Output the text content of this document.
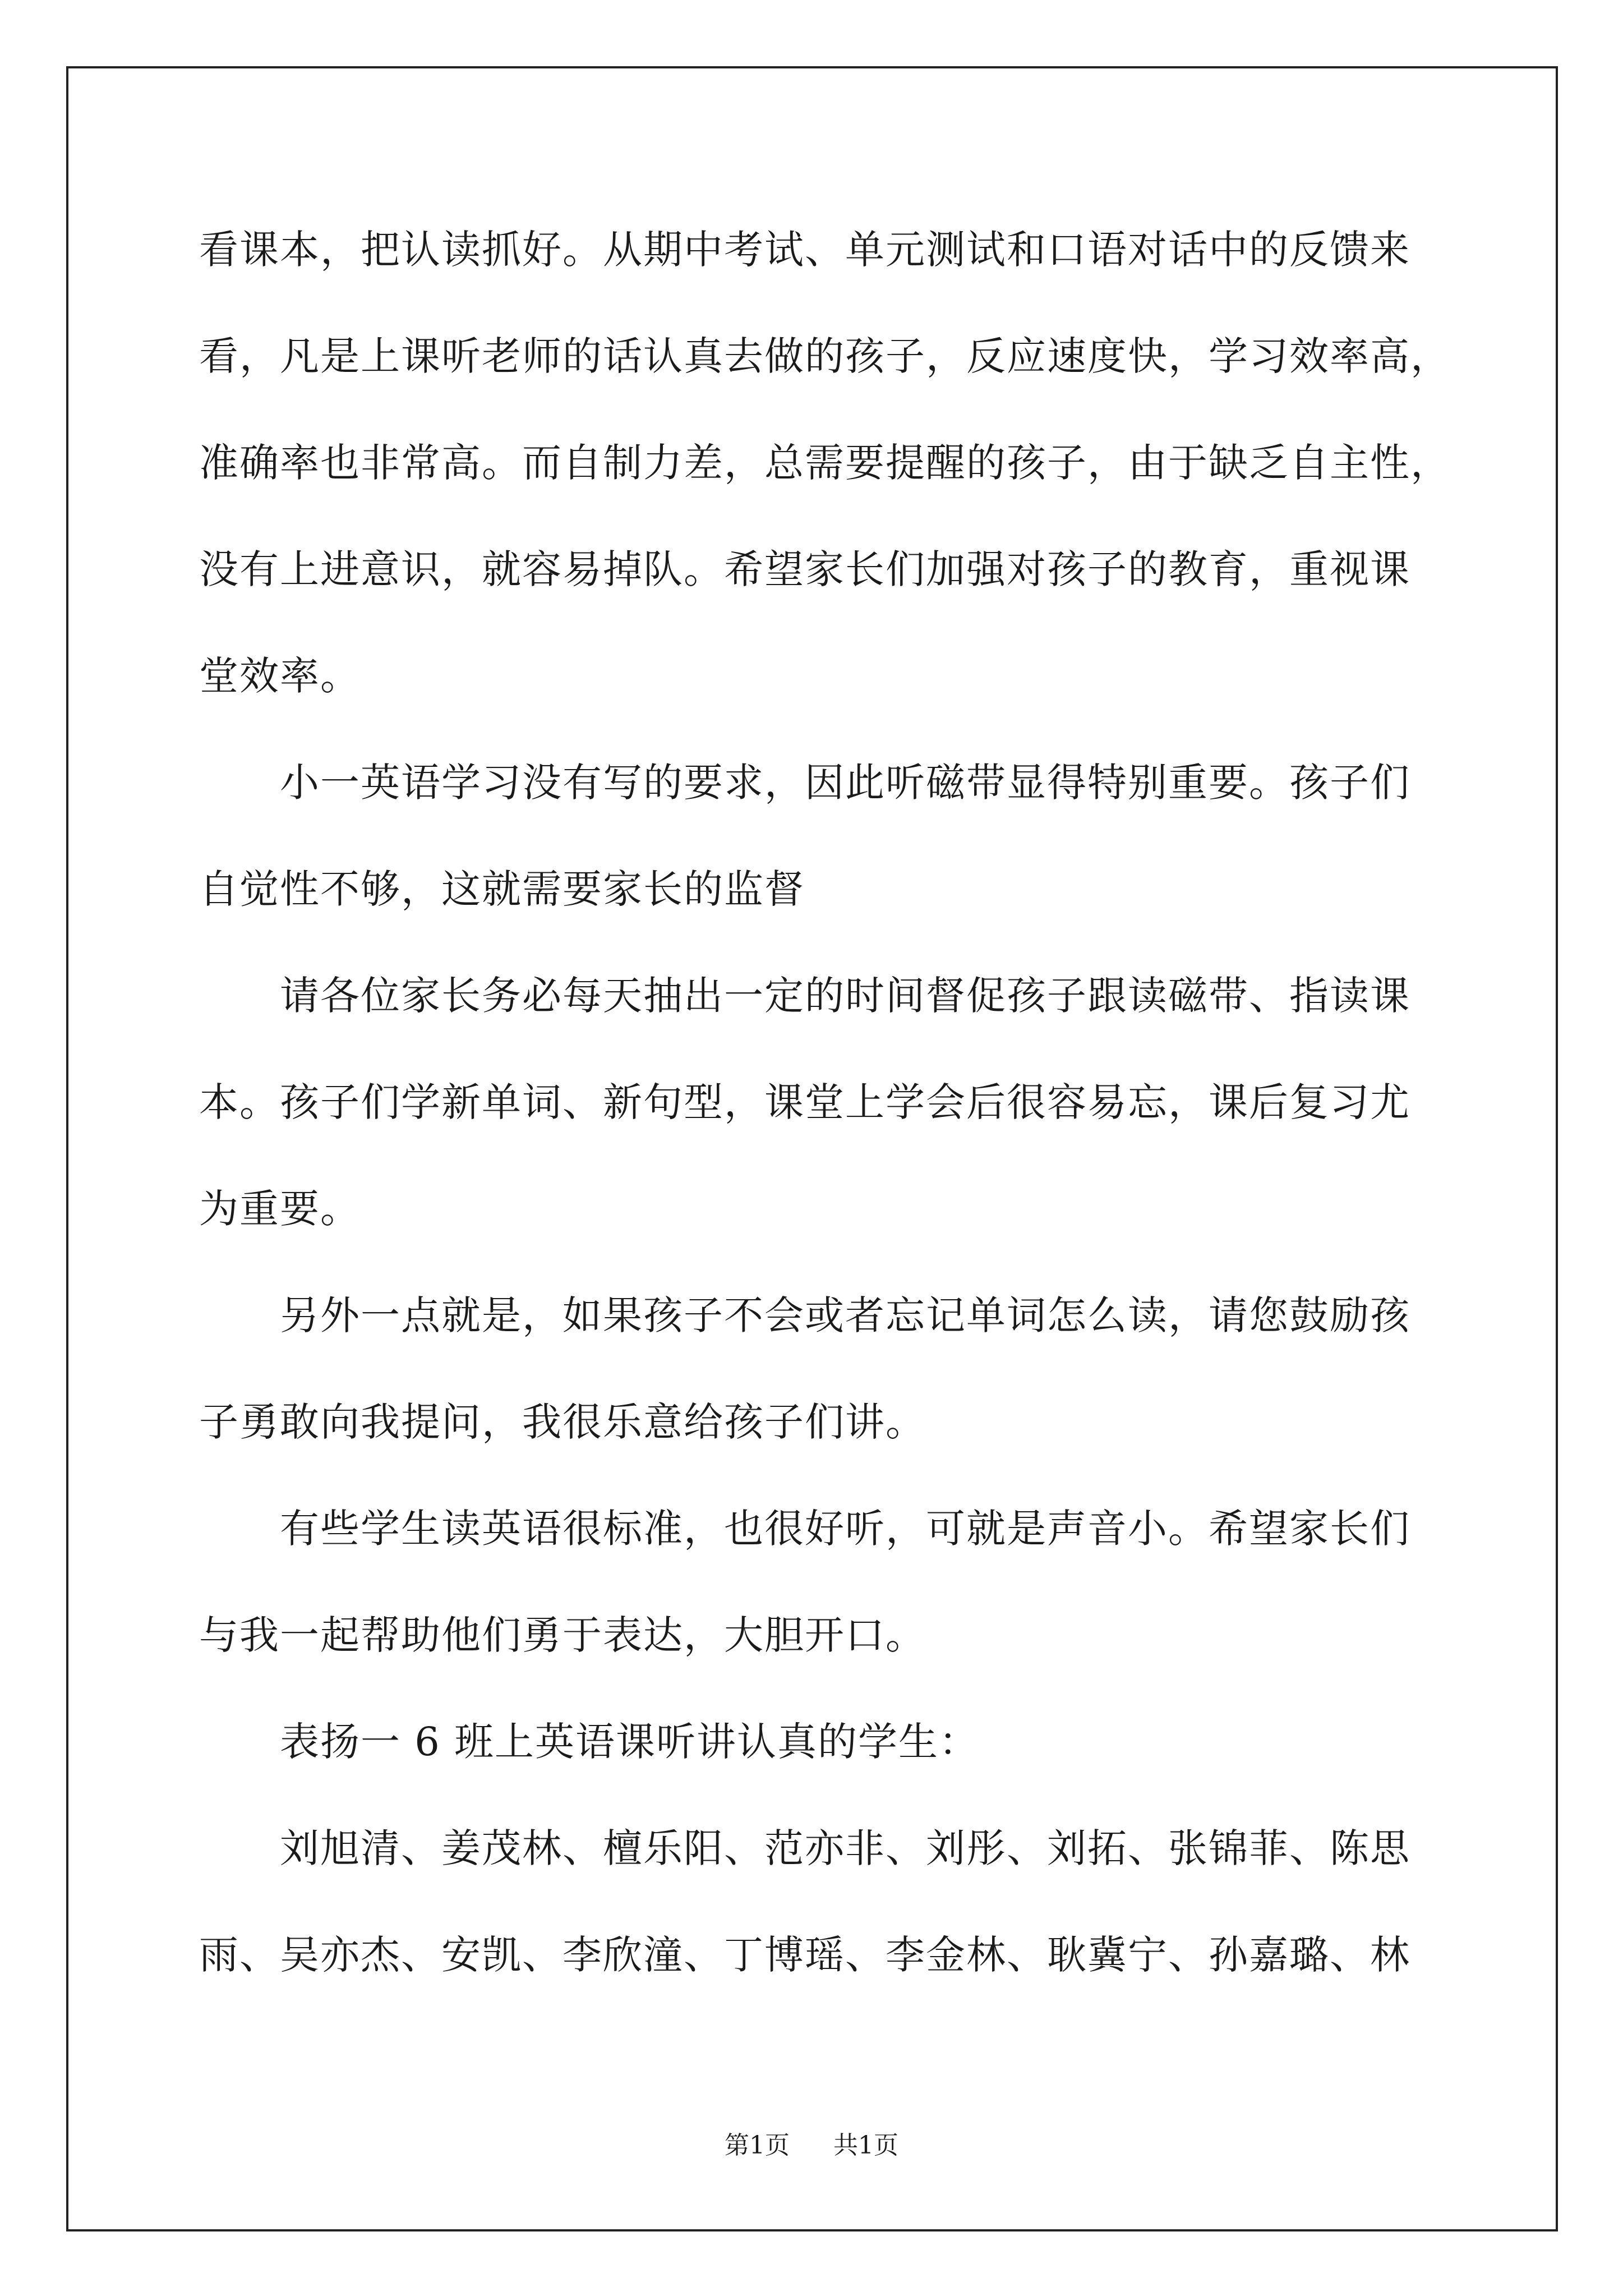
看课本，把认读抓好。从期中考试、单元测试和口语对话中的反馈来
看，凡是上课听老师的话认真去做的孩子，反应速度快，学习效率高，
准确率也非常高。而自制力差，总需要提醒的孩子，由于缺乏自主性，
没有上进意识，就容易掉队。希望家长们加强对孩子的教育，重视课
堂效率。
　　小一英语学习没有写的要求，因此听磁带显得特别重要。孩子们
自觉性不够，这就需要家长的监督
　　请各位家长务必每天抽出一定的时间督促孩子跟读磁带、指读课
本。孩子们学新单词、新句型，课堂上学会后很容易忘，课后复习尤
为重要。
　　另外一点就是，如果孩子不会或者忘记单词怎么读，请您鼓励孩
子勇敢向我提问，我很乐意给孩子们讲。
　　有些学生读英语很标准，也很好听，可就是声音小。希望家长们
与我一起帮助他们勇于表达，大胆开口。
　　表扬一 6 班上英语课听讲认真的学生：
　　刘旭清、姜茂林、檀乐阳、范亦非、刘彤、刘拓、张锦菲、陈思
雨、吴亦杰、安凯、李欣潼、丁博瑶、李金林、耿冀宁、孙嘉璐、林
第1页 共1页
